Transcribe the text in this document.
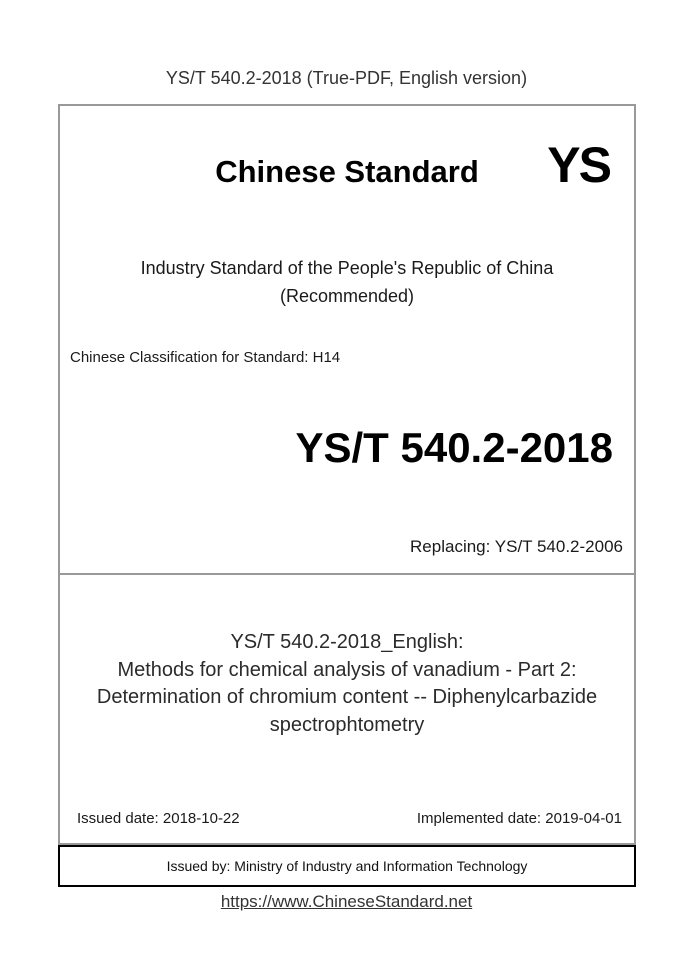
YS/T 540.2-2018 (True-PDF, English version)
Chinese Standard	YS
Industry Standard of the People's Republic of China
(Recommended)
Chinese Classification for Standard: H14
YS/T 540.2-2018
Replacing: YS/T 540.2-2006
YS/T 540.2-2018_English:
Methods for chemical analysis of vanadium - Part 2:
Determination of chromium content -- Diphenylcarbazide
spectrophtometry
Issued date: 2018-10-22	Implemented date: 2019-04-01
Issued by: Ministry of Industry and Information Technology
https://www.ChineseStandard.net
